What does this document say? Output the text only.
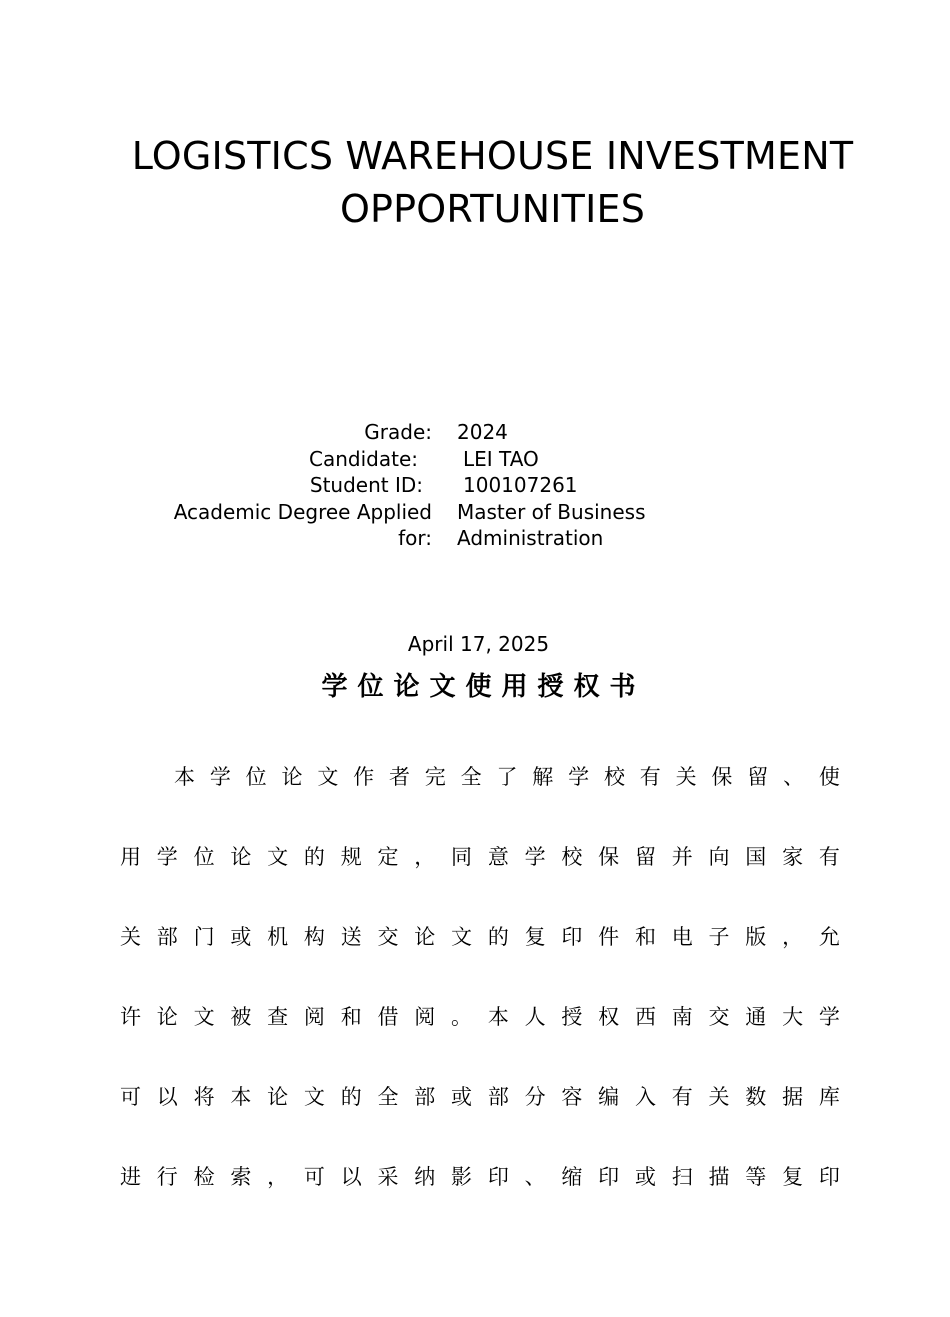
LOGISTICS WAREHOUSE INVESTMENT OPPORTUNITIES
Grade:	2024
Candidate:	LEI TAO
Student ID:	100107261
Academic Degree Applied for:	Master of Business Administration
April 17, 2025
学位论文使用授权书
本 学 位 论 文 作 者 完 全 了 解 学 校 有 关 保 留 、 使
用 学 位 论 文 的 规 定 ， 同 意 学 校 保 留 并 向 国 家 有
关 部 门 或 机 构 送 交 论 文 的 复 印 件 和 电 子 版 ， 允
许 论 文 被 查 阅 和 借 阅 。 本 人 授 权 西 南 交 通 大 学
可 以 将 本 论 文 的 全 部 或 部 分 容 编 入 有 关 数 据 库
进 行 检 索 ， 可 以 采 纳 影 印 、 缩 印 或 扫 描 等 复 印
